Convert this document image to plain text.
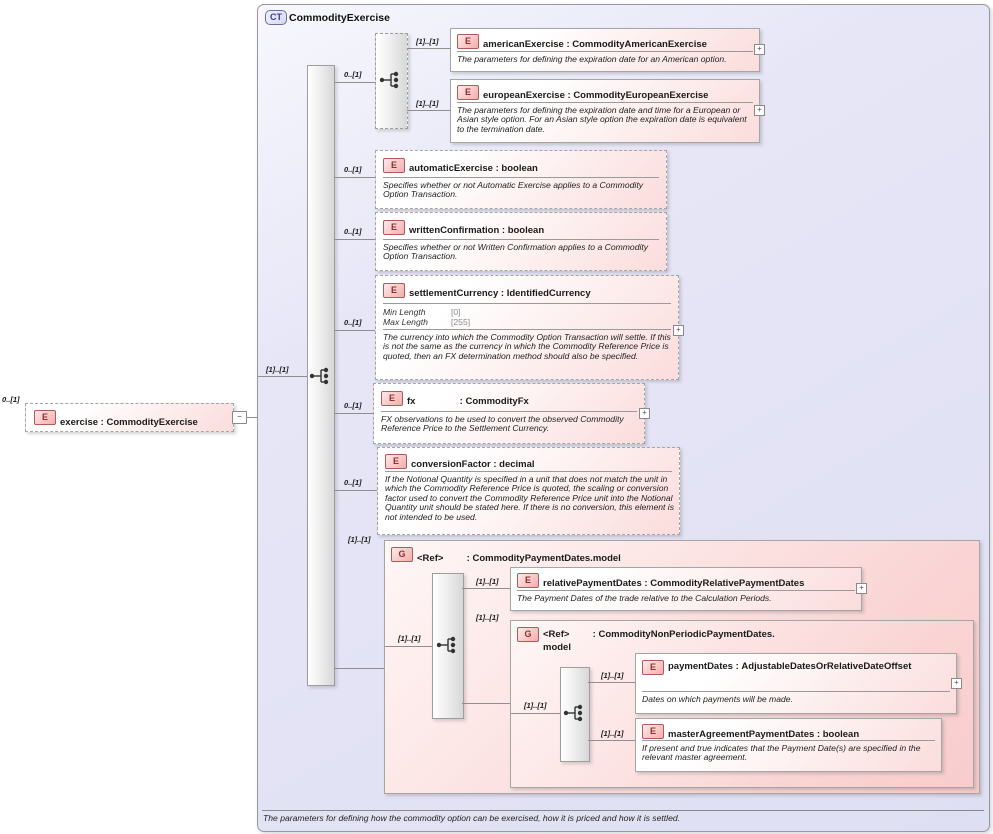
CT CommodityExercise
The parameters for defining how the commodity option can be exercised, how it is priced and how it is settled.
0..[1]
E	exercise : CommodityExercise
−
[1]..[1]
0..[1]
[1]..[1]	E	americanExercise : CommodityAmericanExercise
The parameters for defining the expiration date for an American option.
+
[1]..[1]
E	europeanExercise : CommodityEuropeanExercise
The parameters for defining the expiration date and time for a European or Asian style option. For an Asian style option the expiration date is equivalent to the termination date.
+
0..[1]	E	automaticExercise : boolean
Specifies whether or not Automatic Exercise applies to a Commodity Option Transaction.
0..[1]	E	writtenConfirmation : boolean
Specifies whether or not Written Confirmation applies to a Commodity Option Transaction.
0..[1]
E	settlementCurrency : IdentifiedCurrency
Min Length	[0]
Max Length	[255]
The currency into which the Commodity Option Transaction will settle. If this is not the same as the currency in which the Commodity Reference Price is quoted, then an FX determination method should also be specified.
+
0..[1]
E	fx :	CommodityFx
FX observations to be used to convert the observed Commodity Reference Price to the Settlement Currency.
+
0..[1]
E	conversionFactor : decimal
If the Notional Quantity is specified in a unit that does not match the unit in which the Commodity Reference Price is quoted, the scaling or conversion factor used to convert the Commodity Reference Price unit into the Notional Quantity unit should be stated here. If there is no conversion, this element is not intended to be used.
[1]..[1]
G	<Ref> :	CommodityPaymentDates.model
[1]..[1]
[1]..[1]	E	relativePaymentDates : CommodityRelativePaymentDates
The Payment Dates of the trade relative to the Calculation Periods.
+
[1]..[1]
G	<Ref> :	CommodityNonPeriodicPaymentDates.model
[1]..[1]
[1]..[1]
E	paymentDates : AdjustableDatesOrRelativeDateOffset
Dates on which payments will be made.
+
[1]..[1]	E	masterAgreementPaymentDates : boolean
If present and true indicates that the Payment Date(s) are specified in the relevant master agreement.
